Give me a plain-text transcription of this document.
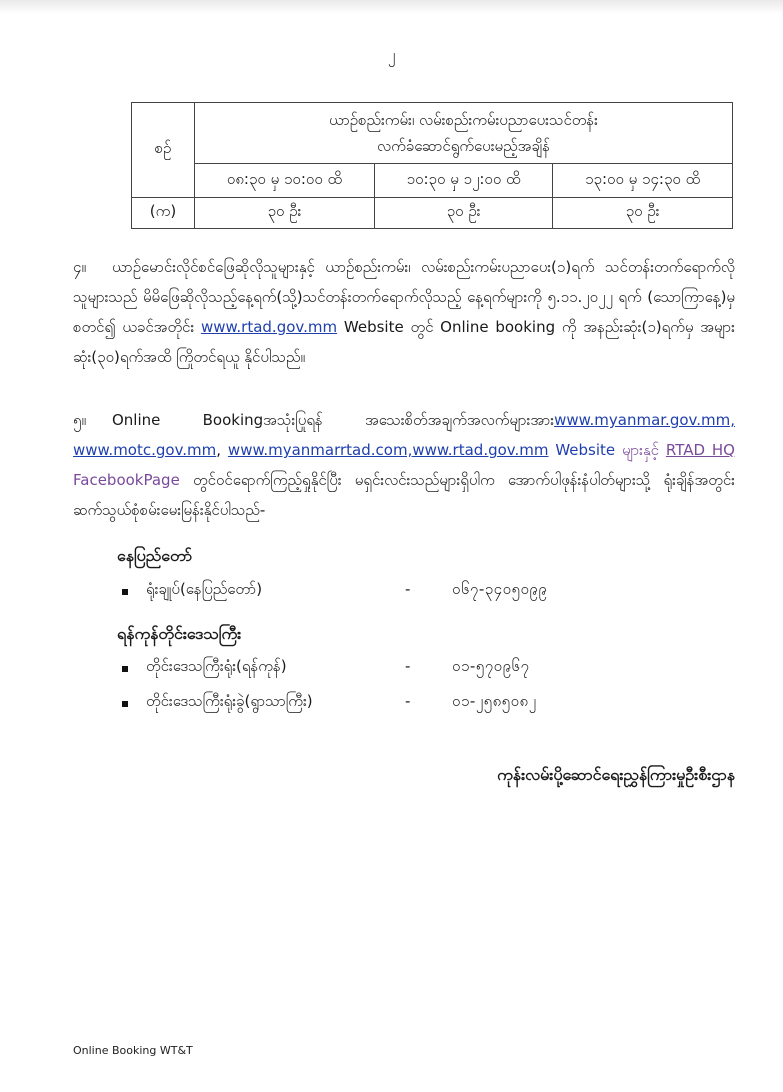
၂
စဉ်	ယာဉ်စည်းကမ်း၊ လမ်းစည်းကမ်းပညာပေးသင်တန်း
လက်ခံဆောင်ရွက်ပေးမည့်အချိန်		

	၀၈:၃၀ မှ ၁၀:၀၀ ထိ	၁၀:၃၀ မှ ၁၂:၀၀ ထိ	၁၃:၀၀ မှ ၁၄:၃၀ ထိ
(က)	၃၀ ဦး	၃၀ ဦး	၃၀ ဦး
၄။ ယာဉ်မောင်းလိုင်စင်ဖြေဆိုလိုသူများနှင့် ယာဉ်စည်းကမ်း၊ လမ်းစည်းကမ်းပညာပေး(၁)ရက် သင်တန်းတက်ရောက်လိုသူများသည် မိမိဖြေဆိုလိုသည့်နေ့ရက်(သို့)သင်တန်းတက်ရောက်လိုသည့် နေ့ရက်များကို ၅.၁၁.၂၀၂၂ ရက် (သောကြာနေ့)မှစတင်၍ ယခင်အတိုင်း www.rtad.gov.mm Website တွင် Online booking ကို အနည်းဆုံး(၁)ရက်မှ အများဆုံး(၃၀)ရက်အထိ ကြိုတင်ရယူ နိုင်ပါသည်။
၅။ Online Bookingအသုံးပြုရန် အသေးစိတ်အချက်အလက်များအားwww.myanmar.gov.mm, www.motc.gov.mm, www.myanmarrtad.com,www.rtad.gov.mm Website များနှင့် RTAD HQ FacebookPage တွင်ဝင်ရောက်ကြည့်ရှုနိုင်ပြီး မရှင်းလင်းသည်များရှိပါက အောက်ပါဖုန်းနံပါတ်များသို့ ရုံးချိန်အတွင်း ဆက်သွယ်စုံစမ်းမေးမြန်းနိုင်ပါသည်-
နေပြည်တော်
ရုံးချုပ်(နေပြည်တော်)	-	၀၆၇-၃၄၀၅၀၉၉
ရန်ကုန်တိုင်းဒေသကြီး
တိုင်းဒေသကြီးရုံး(ရန်ကုန်)	-	၀၁-၅၇၀၉၆၇
တိုင်းဒေသကြီးရုံးခွဲ(ရွာသာကြီး)	-	၀၁-၂၅၈၅၀၈၂
ကုန်းလမ်းပို့ဆောင်ရေးညွှန်ကြားမှုဦးစီးဌာန
Online Booking WT&T
